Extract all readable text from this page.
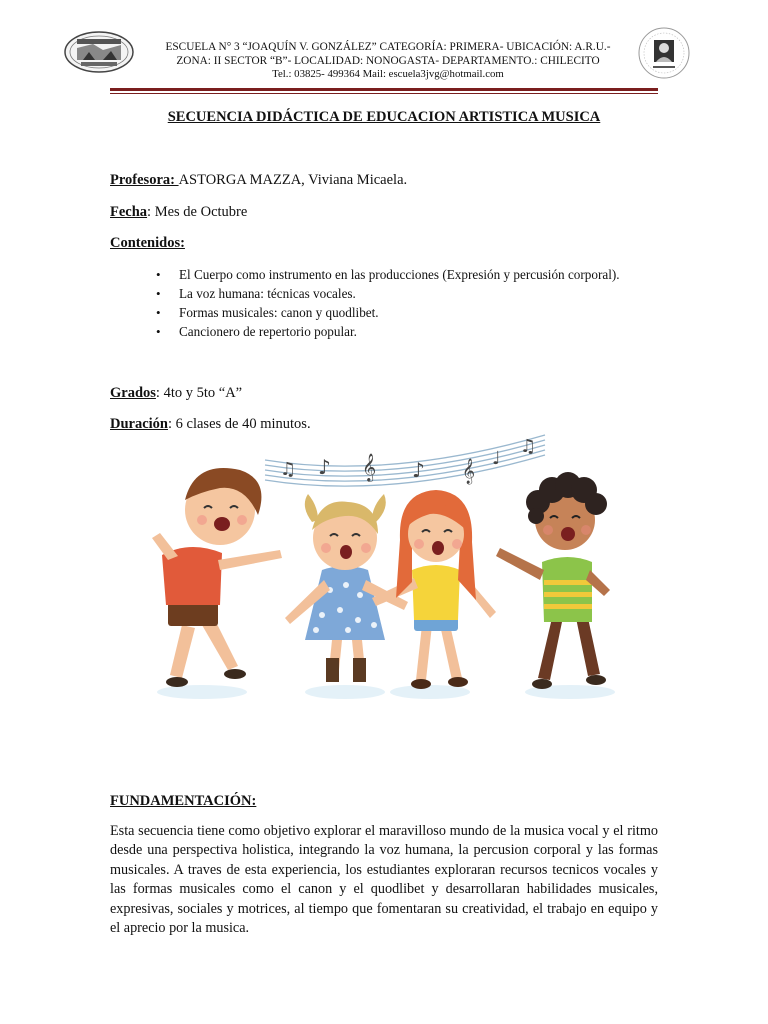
ESCUELA N° 3 “JOAQUÍN V. GONZÁLEZ” CATEGORÍA: PRIMERA- UBICACIÓN: A.R.U.-
ZONA: II SECTOR “B”- LOCALIDAD: NONOGASTA- DEPARTAMENTO.: CHILECITO
Tel.: 03825- 499364 Mail: escuela3jvg@hotmail.com
SECUENCIA DIDÁCTICA DE EDUCACION ARTISTICA MUSICA
Profesora: ASTORGA MAZZA, Viviana Micaela.
Fecha: Mes de Octubre
Contenidos:
• El Cuerpo como instrumento en las producciones (Expresión y percusión corporal).
• La voz humana: técnicas vocales.
• Formas musicales: canon y quodlibet.
• Cancionero de repertorio popular.
Grados: 4to y 5to “A”
Duración: 6 clases de 40 minutos.
♫ ♪ 𝄞 ♪ 𝄞
♩
♫
FUNDAMENTACIÓN:
Esta secuencia tiene como objetivo explorar el maravilloso mundo de la musica vocal y el ritmo desde una perspectiva holistica, integrando la voz humana, la percusion corporal y las formas musicales. A traves de esta experiencia, los estudiantes exploraran recursos tecnicos vocales y las formas musicales como el canon y el quodlibet y desarrollaran habilidades musicales, expresivas, sociales y motrices, al tiempo que fomentaran su creatividad, el trabajo en equipo y el aprecio por la musica.
